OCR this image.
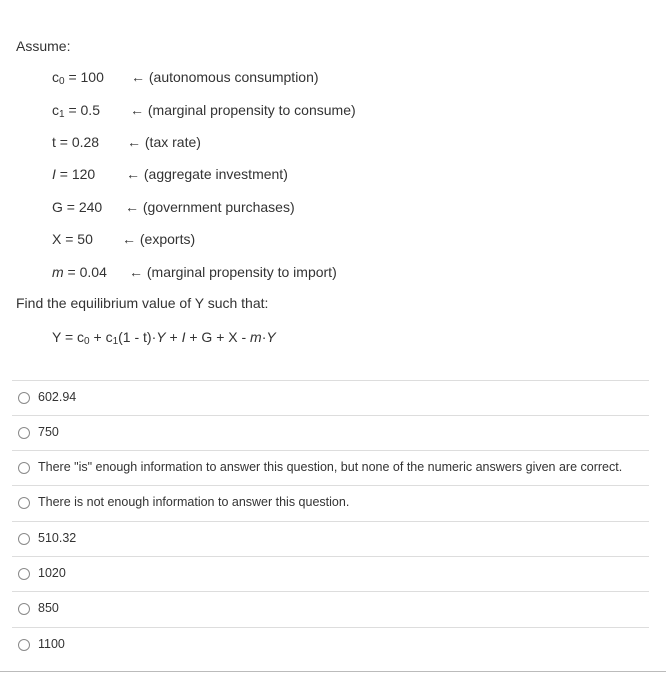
Assume:
$c_0 = 100$ ← (autonomous consumption)
$c_1 = 0.5$ ← (marginal propensity to consume)
t = 0.28 ← (tax rate)
I = 120 ← (aggregate investment)
G = 240 ← (government purchases)
X = 50 ← (exports)
m = 0.04 ← (marginal propensity to import)
Find the equilibrium value of Y such that:
$Y = c_0 + c_1(1 - t)\cdot Y + I + G + X - m\cdot Y$
602.94
750
There "is" enough information to answer this question, but none of the numeric answers given are correct.
There is not enough information to answer this question.
510.32
1020
850
1100
